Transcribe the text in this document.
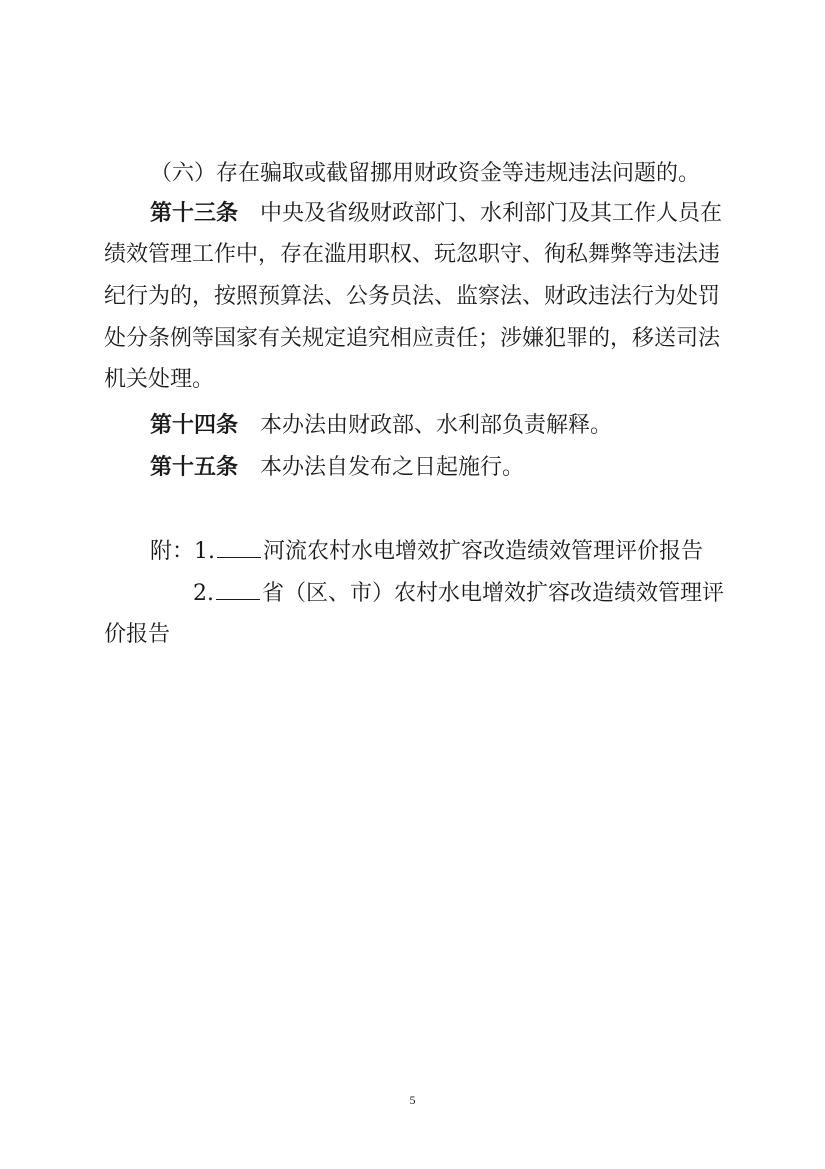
（六）存在骗取或截留挪用财政资金等违规违法问题的。
第十三条 中央及省级财政部门、水利部门及其工作人员在
绩效管理工作中，存在滥用职权、玩忽职守、徇私舞弊等违法违
纪行为的，按照预算法、公务员法、监察法、财政违法行为处罚
处分条例等国家有关规定追究相应责任；涉嫌犯罪的，移送司法
机关处理。
第十四条 本办法由财政部、水利部负责解释。
第十五条 本办法自发布之日起施行。
附：1. 河流农村水电增效扩容改造绩效管理评价报告
2. 省（区、市）农村水电增效扩容改造绩效管理评
价报告
5
